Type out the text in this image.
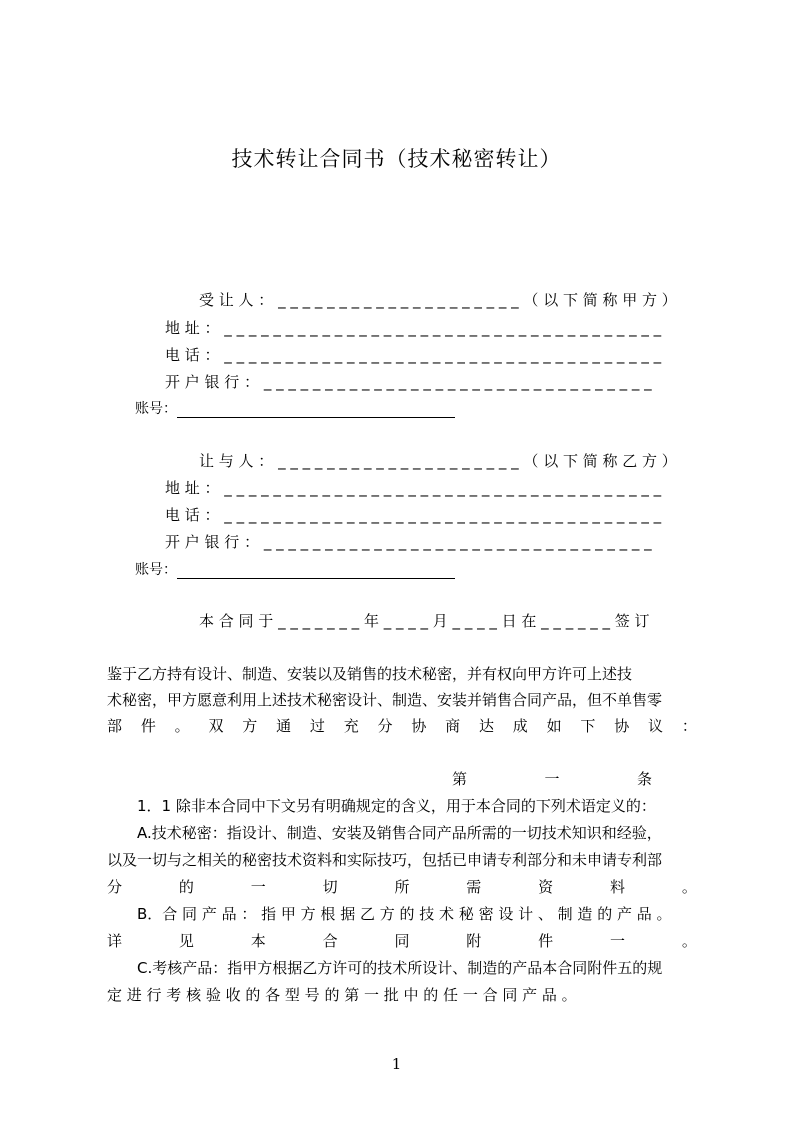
技术转让合同书（技术秘密转让）
受 让 人 ： _ _ _ _ _ _ _ _ _ _ _ _ _ _ _ _ _ _ _ _ （ 以 下 简 称 甲 方 ）
地 址 ： _ _ _ _ _ _ _ _ _ _ _ _ _ _ _ _ _ _ _ _ _ _ _ _ _ _ _ _ _ _ _ _ _ _ _ _
电 话 ： _ _ _ _ _ _ _ _ _ _ _ _ _ _ _ _ _ _ _ _ _ _ _ _ _ _ _ _ _ _ _ _ _ _ _ _
开 户 银 行 ： _ _ _ _ _ _ _ _ _ _ _ _ _ _ _ _ _ _ _ _ _ _ _ _ _ _ _ _ _ _ _ _
账号：
让 与 人 ： _ _ _ _ _ _ _ _ _ _ _ _ _ _ _ _ _ _ _ _ （ 以 下 简 称 乙 方 ）
地 址 ： _ _ _ _ _ _ _ _ _ _ _ _ _ _ _ _ _ _ _ _ _ _ _ _ _ _ _ _ _ _ _ _ _ _ _ _
电 话 ： _ _ _ _ _ _ _ _ _ _ _ _ _ _ _ _ _ _ _ _ _ _ _ _ _ _ _ _ _ _ _ _ _ _ _ _
开 户 银 行 ： _ _ _ _ _ _ _ _ _ _ _ _ _ _ _ _ _ _ _ _ _ _ _ _ _ _ _ _ _ _ _ _
账号：
本 合 同 于 _ _ _ _ _ _ _ 年 _ _ _ _ 月 _ _ _ _ 日 在 _ _ _ _ _ _ 签 订
鉴于乙方持有设计、制造、安装以及销售的技术秘密，并有权向甲方许可上述技
术秘密，甲方愿意利用上述技术秘密设计、制造、安装并销售合同产品，但不单售零
部 件 。 双 方 通 过 充 分 协 商 达 成 如 下 协 议 ：
第	一	条
1．1 除非本合同中下文另有明确规定的含义，用于本合同的下列术语定义的：
A.技术秘密：指设计、制造、安装及销售合同产品所需的一切技术知识和经验，
以及一切与之相关的秘密技术资料和实际技巧，包括已申请专利部分和未申请专利部
分	的	一	切	所	需	资	料	。
B．合 同 产 品 ： 指 甲 方 根 据 乙 方 的 技 术 秘 密 设 计 、 制 造 的 产 品 。
详	见	本	合	同	附	件	一	。
C.考核产品：指甲方根据乙方许可的技术所设计、制造的产品本合同附件五的规
定 进 行 考 核 验 收 的 各 型 号 的 第 一 批 中 的 任 一 合 同 产 品 。
1
